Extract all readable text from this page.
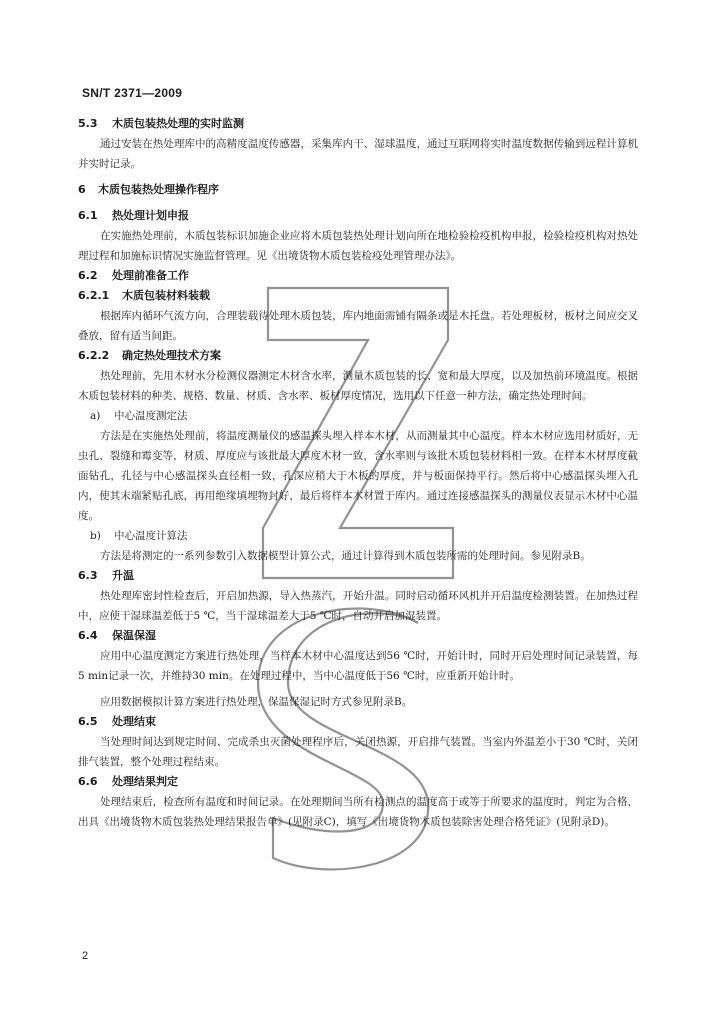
SN/T 2371—2009
5.3 木质包装热处理的实时监测
通过安装在热处理库中的高精度温度传感器，采集库内干、湿球温度，通过互联网将实时温度数据传输到远程计算机并实时记录。
6 木质包装热处理操作程序
6.1 热处理计划申报
在实施热处理前，木质包装标识加施企业应将木质包装热处理计划向所在地检验检疫机构申报，检验检疫机构对热处理过程和加施标识情况实施监督管理。见《出境货物木质包装检疫处理管理办法》。
6.2 处理前准备工作
6.2.1 木质包装材料装载
根据库内循环气流方向，合理装载待处理木质包装，库内地面需铺有隔条或是木托盘。若处理板材，板材之间应交叉叠放，留有适当间距。
6.2.2 确定热处理技术方案
热处理前，先用木材水分检测仪器测定木材含水率，测量木质包装的长、宽和最大厚度，以及加热前环境温度。根据木质包装材料的种类、规格、数量、材质、含水率、板材厚度情况，选用以下任意一种方法，确定热处理时间。
a) 中心温度测定法
方法是在实施热处理前，将温度测量仪的感温探头埋入样本木材，从而测量其中心温度。样本木材应选用材质好，无虫孔、裂缝和霉变等，材质、厚度应与该批最大厚度木材一致，含水率则与该批木质包装材料相一致。在样本木材厚度截面钻孔，孔径与中心感温探头直径相一致，孔深应稍大于木板的厚度，并与板面保持平行。然后将中心感温探头埋入孔内，使其末端紧贴孔底，再用绝缘填埋物封好，最后将样本木材置于库内。通过连接感温探头的测量仪表显示木材中心温度。
b) 中心温度计算法
方法是将测定的一系列参数引入数据模型计算公式，通过计算得到木质包装所需的处理时间。参见附录B。
6.3 升温
热处理库密封性检查后，开启加热源，导入热蒸汽，开始升温。同时启动循环风机并开启温度检测装置。在加热过程中，应使干湿球温差低于5 ℃，当干湿球温差大于5 ℃时，自动开启加湿装置。
6.4 保温保湿
应用中心温度测定方案进行热处理，当样本木材中心温度达到56 ℃时，开始计时，同时开启处理时间记录装置，每5 min记录一次，并维持30 min。在处理过程中，当中心温度低于56 ℃时，应重新开始计时。
应用数据模拟计算方案进行热处理，保温保湿记时方式参见附录B。
6.5 处理结束
当处理时间达到规定时间、完成杀虫灭菌处理程序后，关闭热源，开启排气装置。当室内外温差小于30 ℃时，关闭排气装置，整个处理过程结束。
6.6 处理结果判定
处理结束后，检查所有温度和时间记录。在处理期间当所有检测点的温度高于或等于所要求的温度时，判定为合格，出具《出境货物木质包装热处理结果报告单》(见附录C)，填写《出境货物木质包装除害处理合格凭证》(见附录D)。
2
